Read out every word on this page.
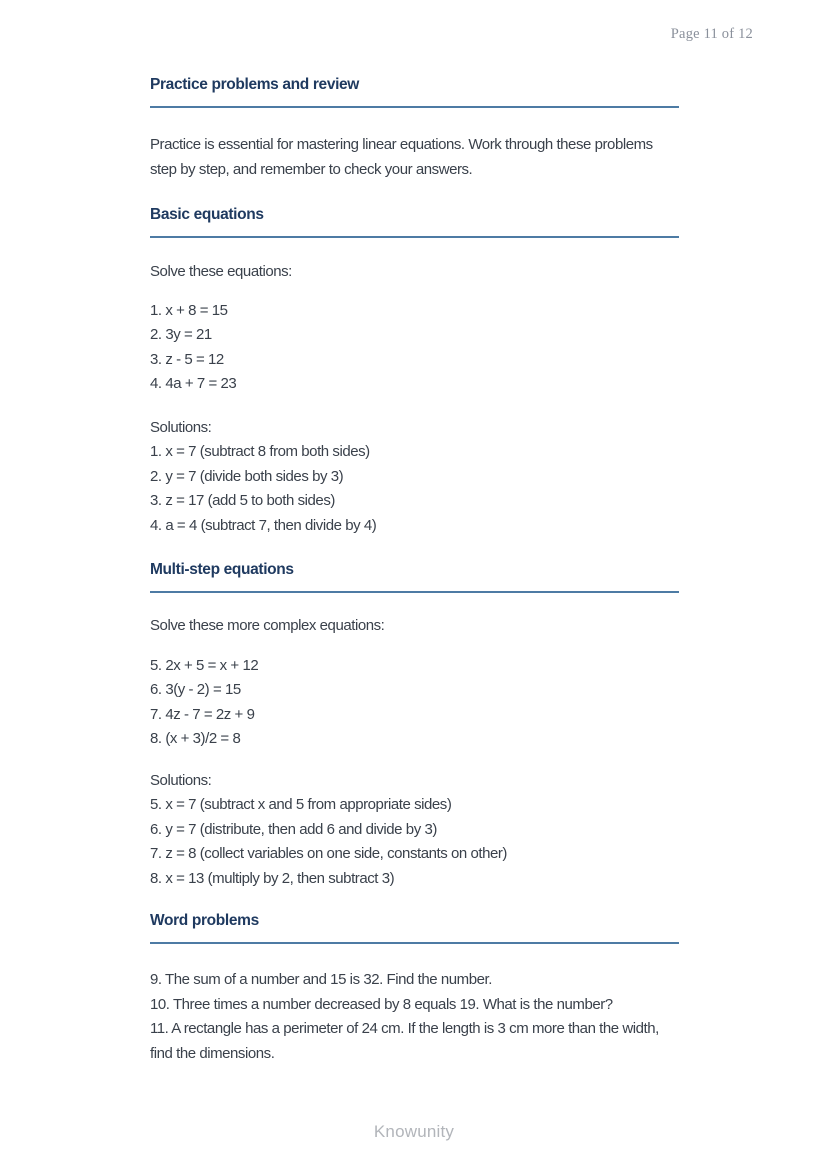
Page 11 of 12
Practice problems and review
Practice is essential for mastering linear equations. Work through these problems
step by step, and remember to check your answers.
Basic equations
Solve these equations:
1. x + 8 = 15
2. 3y = 21
3. z - 5 = 12
4. 4a + 7 = 23
Solutions:
1. x = 7 (subtract 8 from both sides)
2. y = 7 (divide both sides by 3)
3. z = 17 (add 5 to both sides)
4. a = 4 (subtract 7, then divide by 4)
Multi-step equations
Solve these more complex equations:
5. 2x + 5 = x + 12
6. 3(y - 2) = 15
7. 4z - 7 = 2z + 9
8. (x + 3)/2 = 8
Solutions:
5. x = 7 (subtract x and 5 from appropriate sides)
6. y = 7 (distribute, then add 6 and divide by 3)
7. z = 8 (collect variables on one side, constants on other)
8. x = 13 (multiply by 2, then subtract 3)
Word problems
9. The sum of a number and 15 is 32. Find the number.
10. Three times a number decreased by 8 equals 19. What is the number?
11. A rectangle has a perimeter of 24 cm. If the length is 3 cm more than the width,
find the dimensions.
Knowunity
